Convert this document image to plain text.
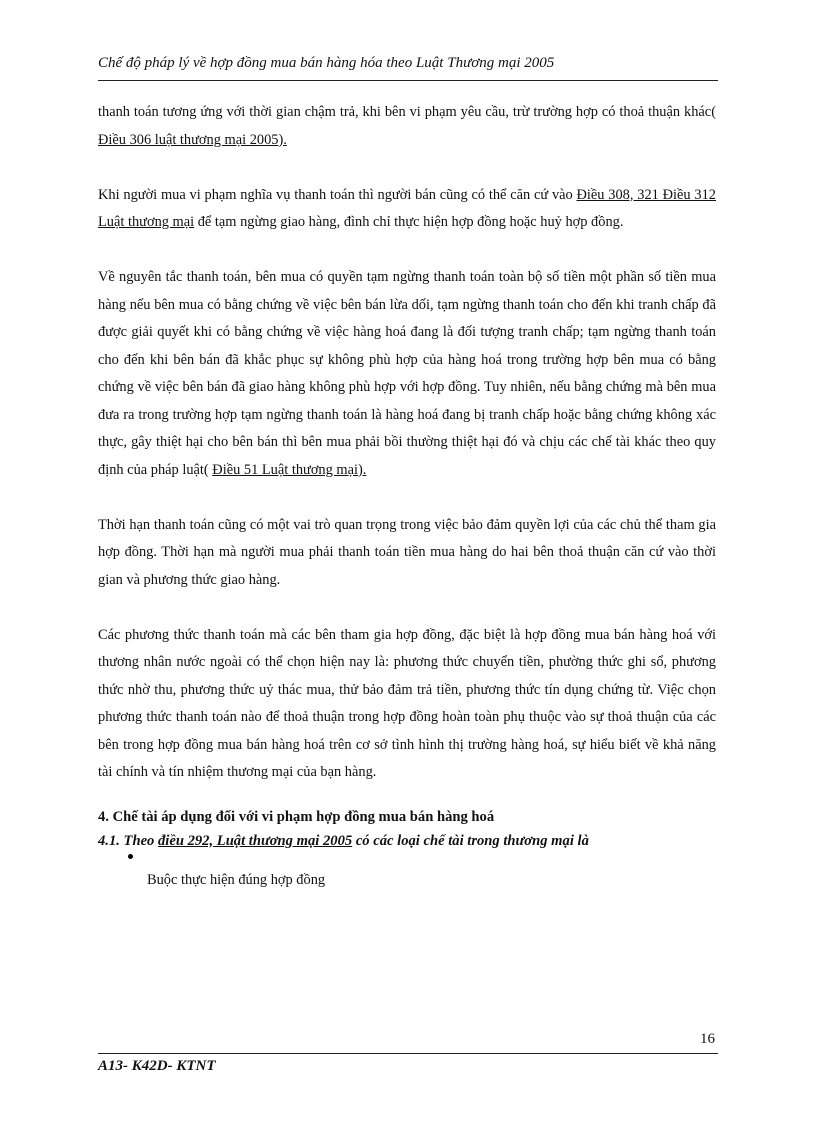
Chế độ pháp lý về hợp đồng mua bán hàng hóa theo Luật Thương mại 2005

thanh toán tương ứng với thời gian chậm trả, khi bên vi phạm yêu cầu, trừ trường hợp có thoả thuận khác( Điều 306 luật thương mại 2005).

Khi người mua vi phạm nghĩa vụ thanh toán thì người bán cũng có thể căn cứ vào Điều 308, 321 Điều 312 Luật thương mại để tạm ngừng giao hàng, đình chỉ thực hiện hợp đồng hoặc huỷ hợp đồng.

Về nguyên tắc thanh toán, bên mua có quyền tạm ngừng thanh toán toàn bộ số tiền một phần số tiền mua hàng nếu bên mua có bằng chứng về việc bên bán lừa dối, tạm ngừng thanh toán cho đến khi tranh chấp đã được giải quyết khi có bằng chứng về việc hàng hoá đang là đối tượng tranh chấp; tạm ngừng thanh toán cho đến khi bên bán đã khắc phục sự không phù hợp của hàng hoá trong trường hợp bên mua có bằng chứng về việc bên bán đã giao hàng không phù hợp với hợp đồng. Tuy nhiên, nếu bằng chứng mà bên mua đưa ra trong trường hợp tạm ngừng thanh toán là hàng hoá đang bị tranh chấp hoặc bằng chứng không xác thực, gây thiệt hại cho bên bán thì bên mua phải bồi thường thiệt hại đó và chịu các chế tài khác theo quy định của pháp luật( Điều 51 Luật thương mại).

Thời hạn thanh toán cũng có một vai trò quan trọng trong việc bảo đảm quyền lợi của các chủ thể tham gia hợp đồng. Thời hạn mà người mua phải thanh toán tiền mua hàng do hai bên thoả thuận căn cứ vào thời gian và phương thức giao hàng.

Các phương thức thanh toán mà các bên tham gia hợp đồng, đặc biệt là hợp đồng mua bán hàng hoá với thương nhân nước ngoài có thể chọn hiện nay là: phương thức chuyển tiền, phường thức ghi sổ, phương thức nhờ thu, phương thức uỷ thác mua, thử bảo đảm trả tiền, phương thức tín dụng chứng từ. Việc chọn phương thức thanh toán nào để thoả thuận trong hợp đồng hoàn toàn phụ thuộc vào sự thoả thuận của các bên trong hợp đồng mua bán hàng hoá trên cơ sở tình hình thị trường hàng hoá, sự hiểu biết về khả năng tài chính và tín nhiệm thương mại của bạn hàng.

4. Chế tài áp dụng đối với vi phạm hợp đồng mua bán hàng hoá
4.1. Theo điều 292, Luật thương mại 2005 có các loại chế tài trong thương mại là
Buộc thực hiện đúng hợp đồng
16
A13- K42D- KTNT
